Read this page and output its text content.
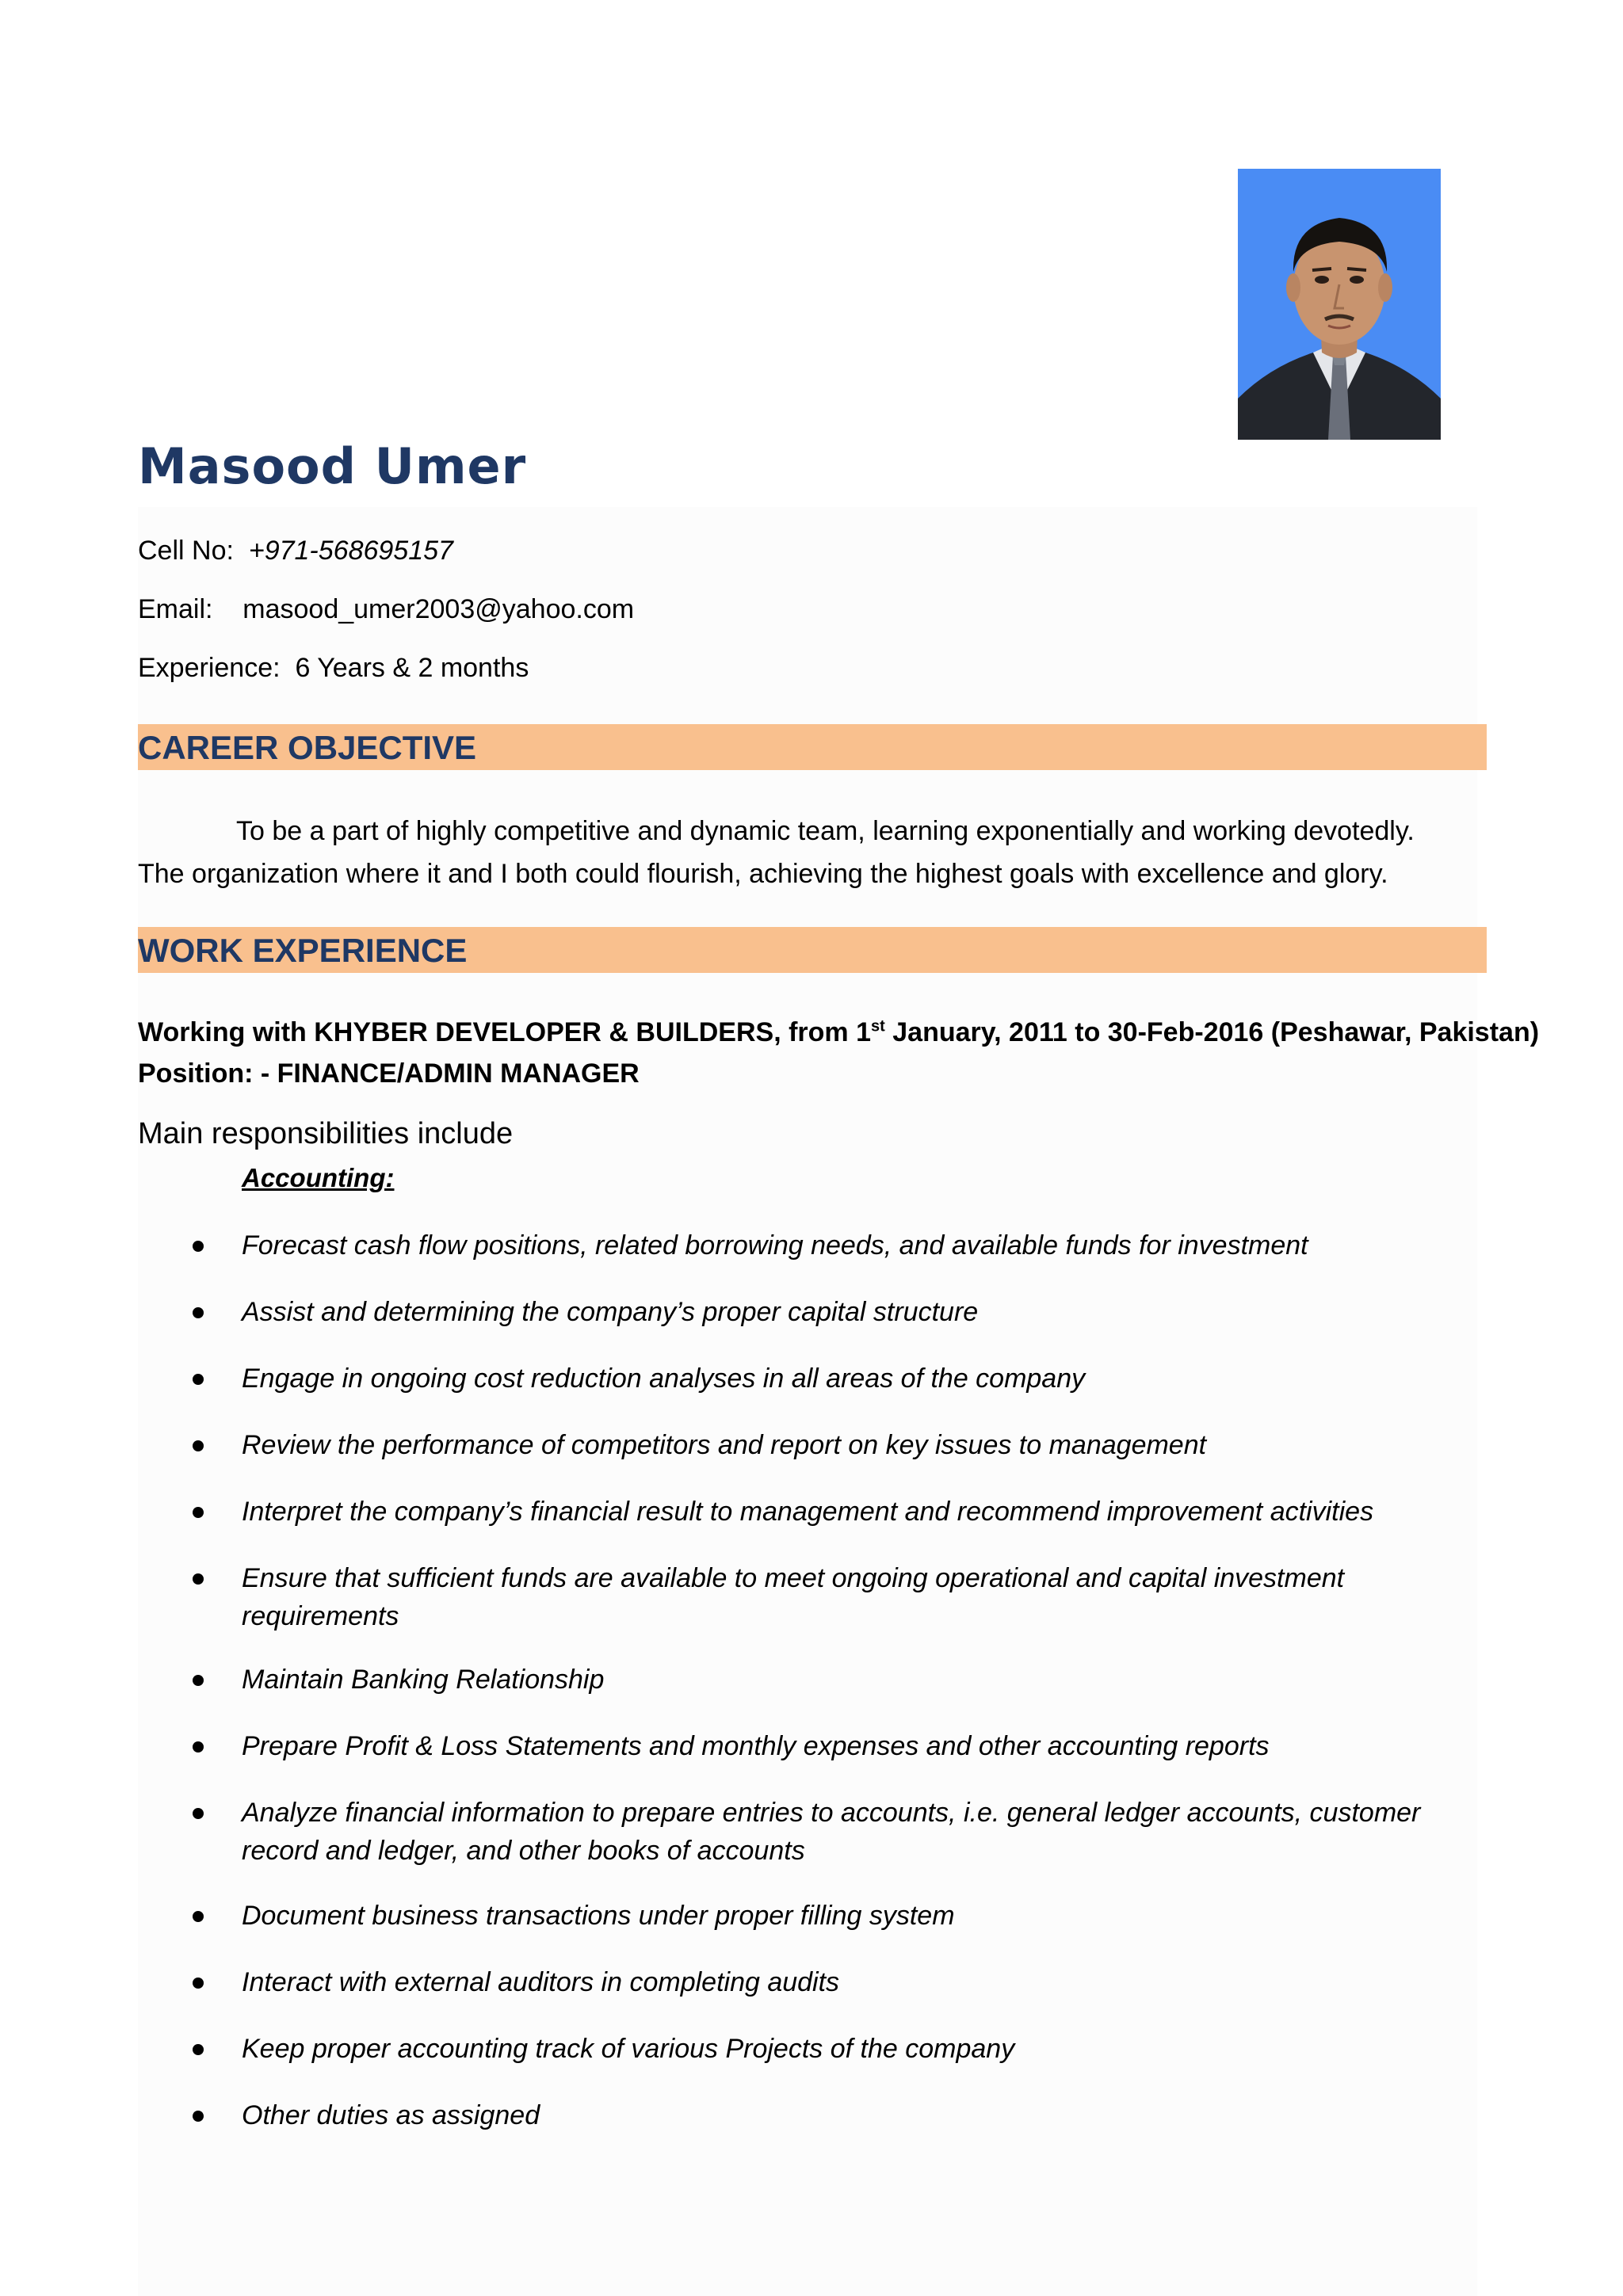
Masood Umer
Cell No: +971-568695157
Email: masood_umer2003@yahoo.com
Experience: 6 Years & 2 months
CAREER OBJECTIVE
To be a part of highly competitive and dynamic team, learning exponentially and working devotedly.
The organization where it and I both could flourish, achieving the highest goals with excellence and glory.
WORK EXPERIENCE
Working with KHYBER DEVELOPER & BUILDERS, from 1st January, 2011 to 30-Feb-2016 (Peshawar, Pakistan)
Position: - FINANCE/ADMIN MANAGER
Main responsibilities include
Accounting:
Forecast cash flow positions, related borrowing needs, and available funds for investment
Assist and determining the company’s proper capital structure
Engage in ongoing cost reduction analyses in all areas of the company
Review the performance of competitors and report on key issues to management
Interpret the company’s financial result to management and recommend improvement activities
Ensure that sufficient funds are available to meet ongoing operational and capital investment requirements
Maintain Banking Relationship
Prepare Profit & Loss Statements and monthly expenses and other accounting reports
Analyze financial information to prepare entries to accounts, i.e. general ledger accounts, customer record and ledger, and other books of accounts
Document business transactions under proper filling system
Interact with external auditors in completing audits
Keep proper accounting track of various Projects of the company
Other duties as assigned
